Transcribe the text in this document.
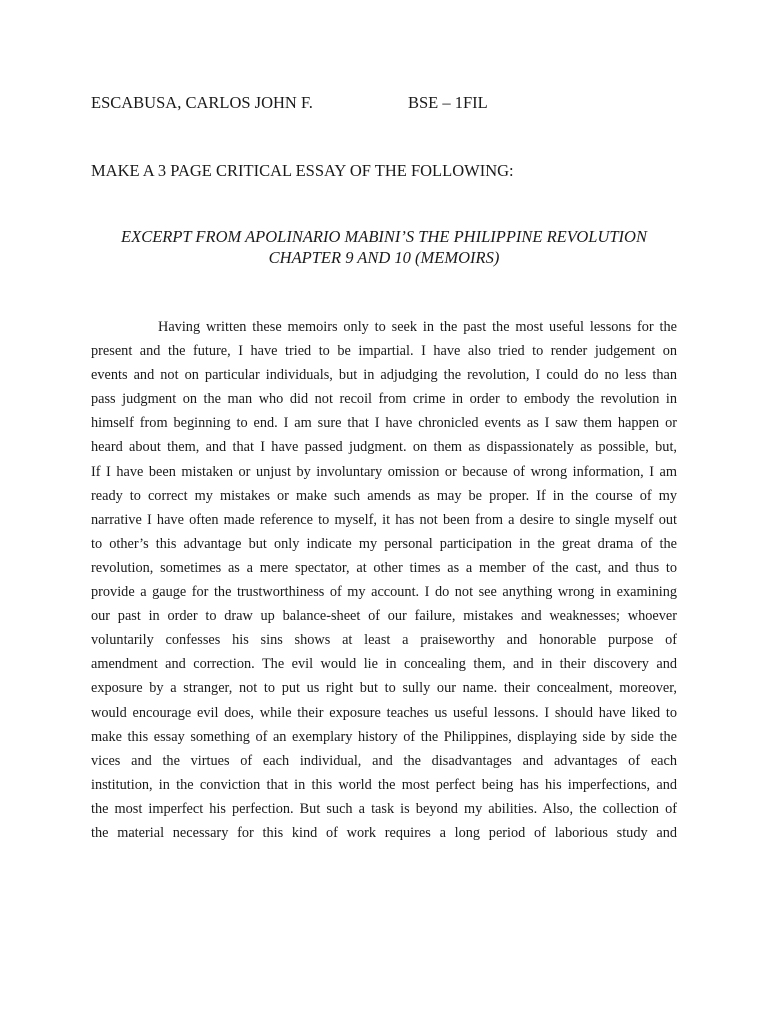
ESCABUSA, CARLOS JOHN F.	BSE – 1FIL
MAKE A 3 PAGE CRITICAL ESSAY OF THE FOLLOWING:
EXCERPT FROM APOLINARIO MABINI’S THE PHILIPPINE REVOLUTION
CHAPTER 9 AND 10 (MEMOIRS)
Having written these memoirs only to seek in the past the most useful lessons for the
present and the future, I have tried to be impartial. I have also tried to render judgement on
events and not on particular individuals, but in adjudging the revolution, I could do no less than
pass judgment on the man who did not recoil from crime in order to embody the revolution in
himself from beginning to end. I am sure that I have chronicled events as I saw them happen or
heard about them, and that I have passed judgment. on them as dispassionately as possible, but,
If I have been mistaken or unjust by involuntary omission or because of wrong information, I am
ready to correct my mistakes or make such amends as may be proper. If in the course of my
narrative I have often made reference to myself, it has not been from a desire to single myself out
to other’s this advantage but only indicate my personal participation in the great drama of the
revolution, sometimes as a mere spectator, at other times as a member of the cast, and thus to
provide a gauge for the trustworthiness of my account. I do not see anything wrong in examining
our past in order to draw up balance-sheet of our failure, mistakes and weaknesses; whoever
voluntarily confesses his sins shows at least a praiseworthy and honorable purpose of
amendment and correction. The evil would lie in concealing them, and in their discovery and
exposure by a stranger, not to put us right but to sully our name. their concealment, moreover,
would encourage evil does, while their exposure teaches us useful lessons. I should have liked to
make this essay something of an exemplary history of the Philippines, displaying side by side the
vices and the virtues of each individual, and the disadvantages and advantages of each
institution, in the conviction that in this world the most perfect being has his imperfections, and
the most imperfect his perfection. But such a task is beyond my abilities. Also, the collection of
the material necessary for this kind of work requires a long period of laborious study and
